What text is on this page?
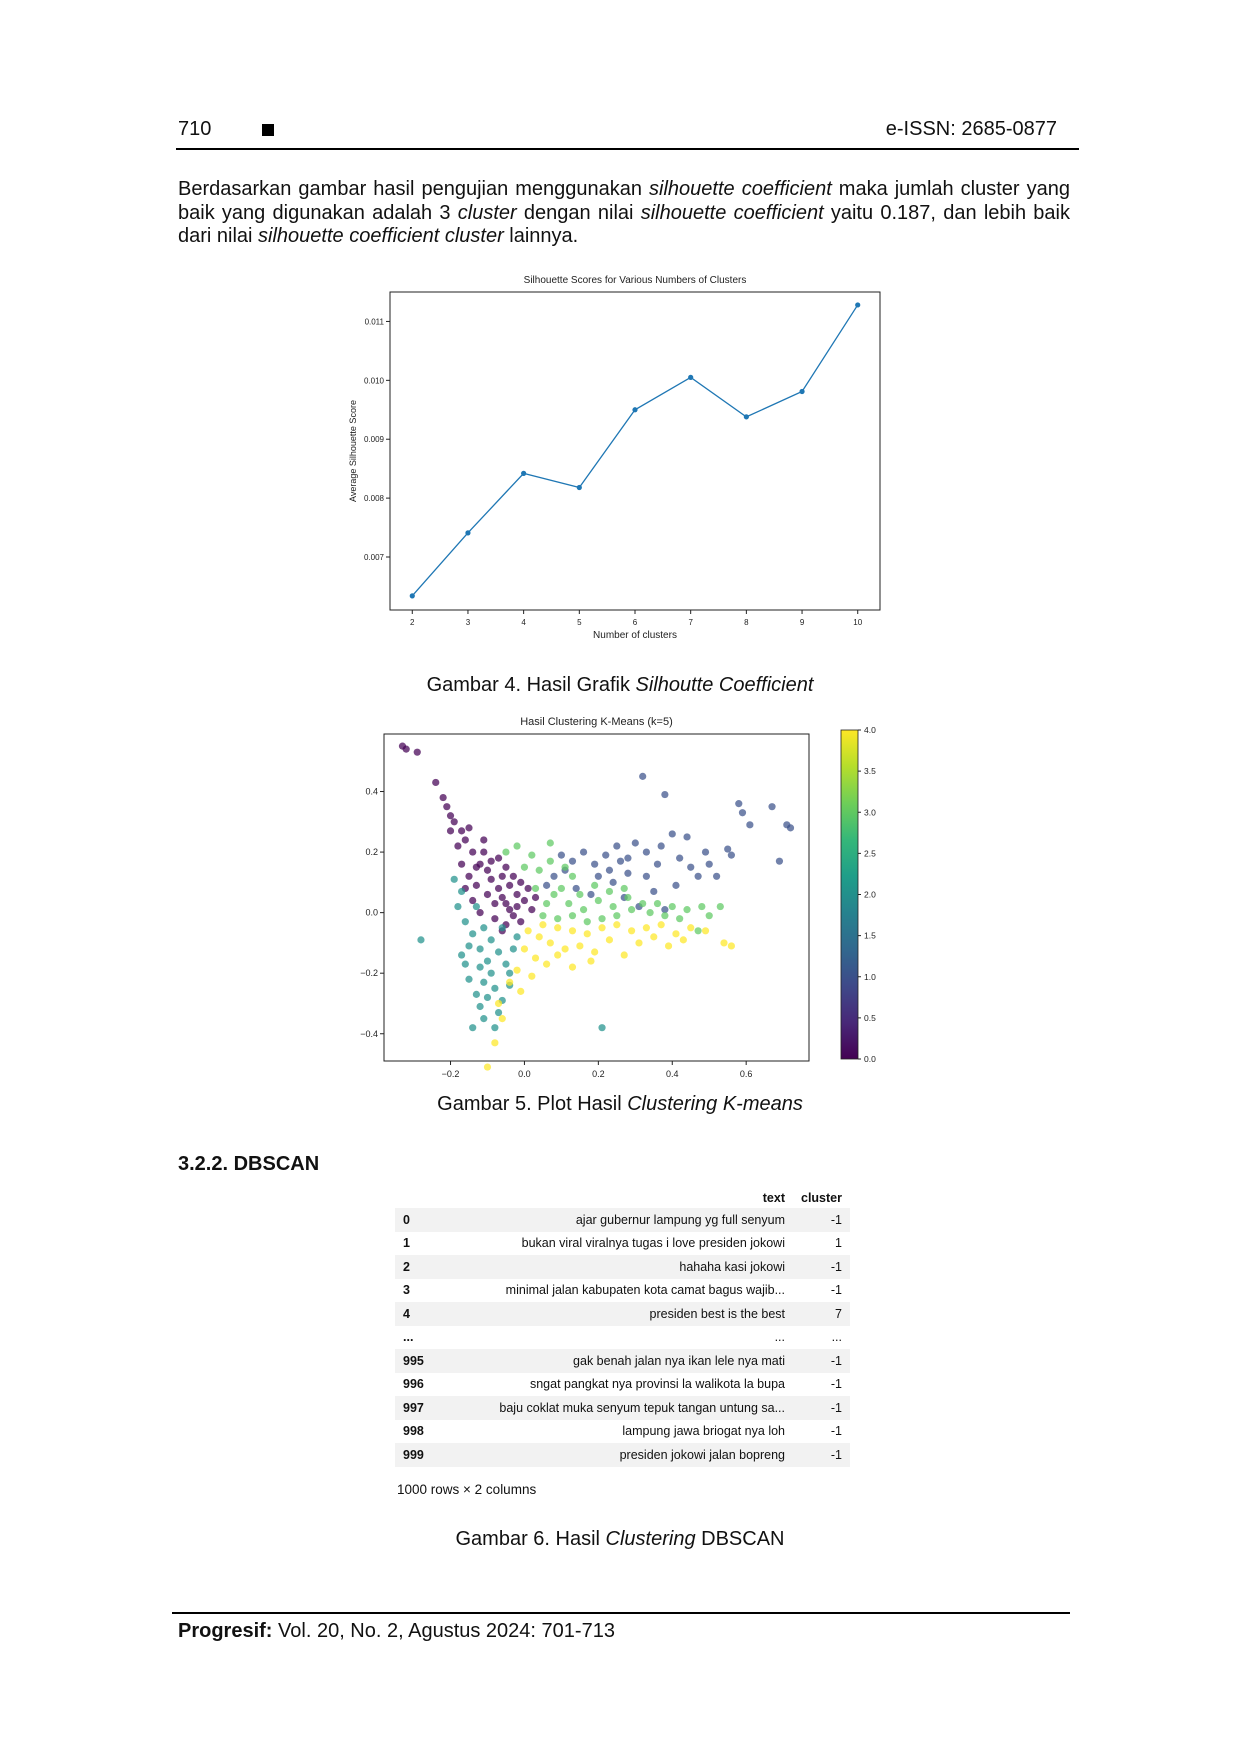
710	e-ISSN: 2685-0877
Berdasarkan gambar hasil pengujian menggunakan silhouette coefficient maka jumlah cluster yang baik yang digunakan adalah 3 cluster dengan nilai silhouette coefficient yaitu 0.187, dan lebih baik dari nilai silhouette coefficient cluster lainnya.
Silhouette Scores for Various Numbers of Clusters
Number of clusters
Average Silhouette Score
2	3	4	5	6	7	8	9	10
0.007
0.008
0.009
0.010
0.011
Gambar 4. Hasil Grafik Silhoutte Coefficient
Hasil Clustering K-Means (k=5)
−0.2	0.0	0.2	0.4	0.6
−0.4
−0.2
0.0
0.2
0.4
0.0
0.5
1.0
1.5
2.0
2.5
3.0
3.5
4.0
Gambar 5. Plot Hasil Clustering K-means
3.2.2. DBSCAN
	text	cluster
0	ajar gubernur lampung yg full senyum	-1
1	bukan viral viralnya tugas i love presiden jokowi	1
2	hahaha kasi jokowi	-1
3	minimal jalan kabupaten kota camat bagus wajib...	-1
4	presiden best is the best	7
...	...	...
995	gak benah jalan nya ikan lele nya mati	-1
996	sngat pangkat nya provinsi la walikota la bupa	-1
997	baju coklat muka senyum tepuk tangan untung sa...	-1
998	lampung jawa briogat nya loh	-1
999	presiden jokowi jalan bopreng	-1
1000 rows × 2 columns
Gambar 6. Hasil Clustering DBSCAN
Progresif: Vol. 20, No. 2, Agustus 2024: 701-713
